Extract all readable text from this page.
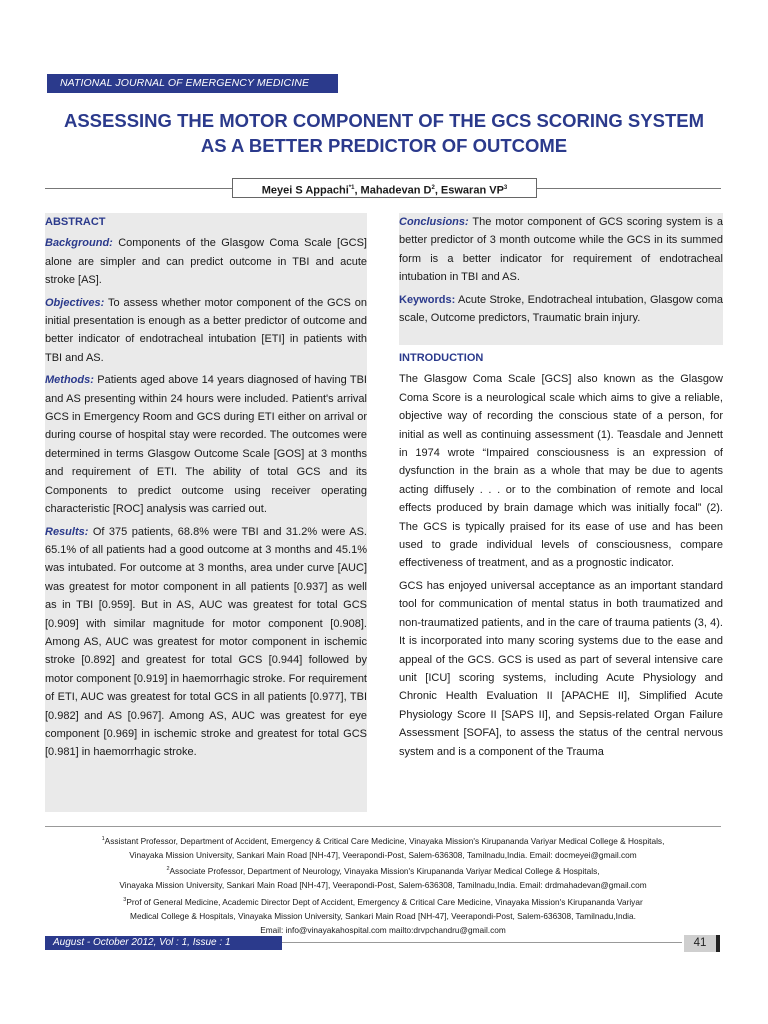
NATIONAL JOURNAL OF EMERGENCY MEDICINE
ASSESSING THE MOTOR COMPONENT OF THE GCS SCORING SYSTEM
AS A BETTER PREDICTOR OF OUTCOME
Meyei S Appachi$^{*1}$, Mahadevan $D^2$, Eswaran $VP^3$
ABSTRACT

Background: Components of the Glasgow Coma Scale [GCS] alone are simpler and can predict outcome in TBI and acute stroke [AS].

Objectives: To assess whether motor component of the GCS on initial presentation is enough as a better predictor of outcome and better indicator of endotracheal intubation [ETI] in patients with TBI and AS.

Methods: Patients aged above 14 years diagnosed of having TBI and AS presenting within 24 hours were included. Patient's arrival GCS in Emergency Room and GCS during ETI either on arrival or during course of hospital stay were recorded. The outcomes were determined in terms Glasgow Outcome Scale [GOS] at 3 months and requirement of ETI. The ability of total GCS and its Components to predict outcome using receiver operating characteristic [ROC] analysis was carried out.

Results: Of 375 patients, 68.8% were TBI and 31.2% were AS. 65.1% of all patients had a good outcome at 3 months and 45.1% was intubated. For outcome at 3 months, area under curve [AUC] was greatest for motor component in all patients [0.937] as well as in TBI [0.959]. But in AS, AUC was greatest for total GCS [0.909] with similar magnitude for motor component [0.908]. Among AS, AUC was greatest for motor component in ischemic stroke [0.892] and greatest for total GCS [0.944] followed by motor component [0.919] in haemorrhagic stroke. For requirement of ETI, AUC was greatest for total GCS in all patients [0.977], TBI [0.982] and AS [0.967]. Among AS, AUC was greatest for eye component [0.969] in ischemic stroke and greatest for total GCS [0.981] in haemorrhagic stroke.

Conclusions: The motor component of GCS scoring system is a better predictor of 3 month outcome while the GCS in its summed form is a better indicator for requirement of endotracheal intubation in TBI and AS.

Keywords: Acute Stroke, Endotracheal intubation, Glasgow coma scale, Outcome predictors, Traumatic brain injury.

INTRODUCTION

The Glasgow Coma Scale [GCS] also known as the Glasgow Coma Score is a neurological scale which aims to give a reliable, objective way of recording the conscious state of a person, for initial as well as continuing assessment (1). Teasdale and Jennett in 1974 wrote “Impaired consciousness is an expression of dysfunction in the brain as a whole that may be due to agents acting diffusely . . . or to the combination of remote and local effects produced by brain damage which was initially focal” (2). The GCS is typically praised for its ease of use and has been used to grade individual levels of consciousness, compare effectiveness of treatment, and as a prognostic indicator.

GCS has enjoyed universal acceptance as an important standard tool for communication of mental status in both traumatized and non-traumatized patients, and in the care of trauma patients (3, 4). It is incorporated into many scoring systems due to the ease and appeal of the GCS. GCS is used as part of several intensive care unit [ICU] scoring systems, including Acute Physiology and Chronic Health Evaluation II [APACHE II], Simplified Acute Physiology Score II [SAPS II], and Sepsis-related Organ Failure Assessment [SOFA], to assess the status of the central nervous system and is a component of the Trauma

$^1$Assistant Professor, Department of Accident, Emergency & Critical Care Medicine, Vinayaka Mission's Kirupananda Variyar Medical College & Hospitals,
Vinayaka Mission University, Sankari Main Road [NH-47], Veerapondi-Post, Salem-636308, Tamilnadu,India. Email: docmeyei@gmail.com
$^2$Associate Professor, Department of Neurology, Vinayaka Mission's Kirupananda Variyar Medical College & Hospitals,
Vinayaka Mission University, Sankari Main Road [NH-47], Veerapondi-Post, Salem-636308, Tamilnadu,India. Email: drdmahadevan@gmail.com
$^3$Prof of General Medicine, Academic Director Dept of Accident, Emergency & Critical Care Medicine, Vinayaka Mission's Kirupananda Variyar
Medical College & Hospitals, Vinayaka Mission University, Sankari Main Road [NH-47], Veerapondi-Post, Salem-636308, Tamilnadu,India.
Email: info@vinayakahospital.com mailto:drvpchandru@gmail.com
August - October 2012, Vol : 1, Issue : 1	41
